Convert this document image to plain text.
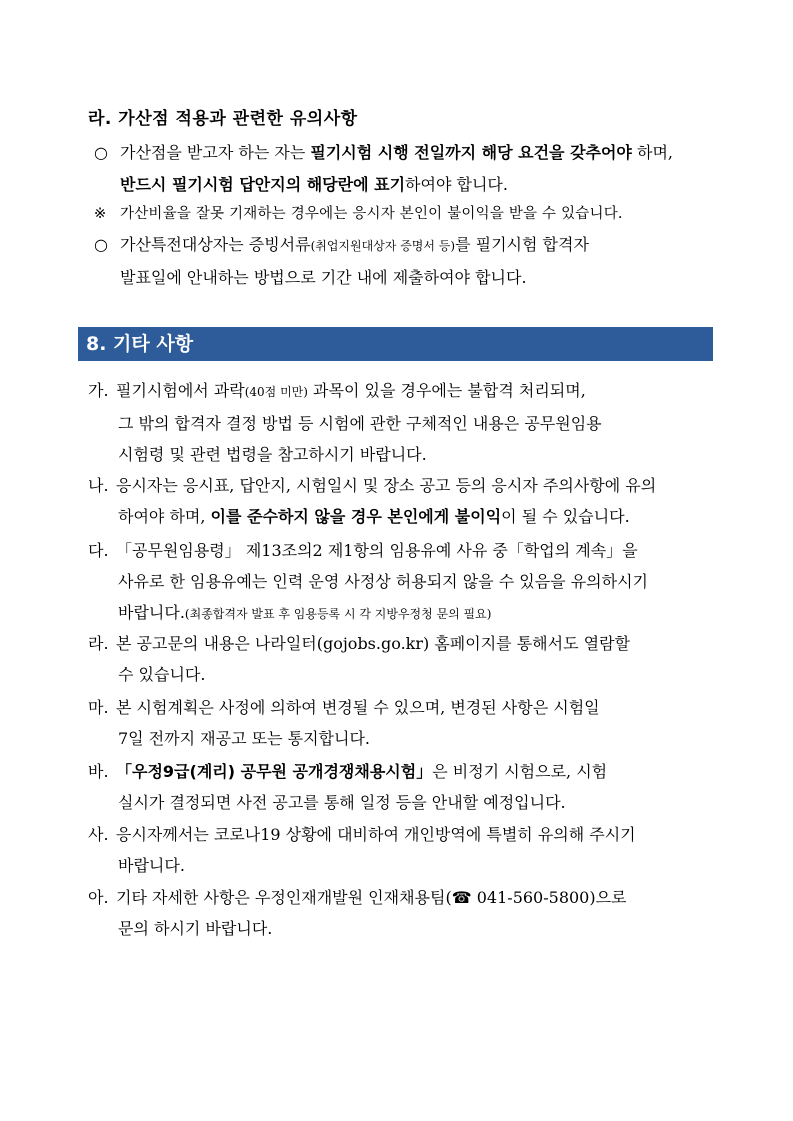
라. 가산점 적용과 관련한 유의사항
○ 가산점을 받고자 하는 자는 필기시험 시행 전일까지 해당 요건을 갖추어야 하며,
반드시 필기시험 답안지의 해당란에 표기하여야 합니다.
※ 가산비율을 잘못 기재하는 경우에는 응시자 본인이 불이익을 받을 수 있습니다.
○ 가산특전대상자는 증빙서류(취업지원대상자 증명서 등)를 필기시험 합격자
발표일에 안내하는 방법으로 기간 내에 제출하여야 합니다.
8. 기타 사항
가. 필기시험에서 과락(40점 미만) 과목이 있을 경우에는 불합격 처리되며,
그 밖의 합격자 결정 방법 등 시험에 관한 구체적인 내용은 공무원임용
시험령 및 관련 법령을 참고하시기 바랍니다.
나. 응시자는 응시표, 답안지, 시험일시 및 장소 공고 등의 응시자 주의사항에 유의
하여야 하며, 이를 준수하지 않을 경우 본인에게 불이익이 될 수 있습니다.
다. 「공무원임용령」 제13조의2 제1항의 임용유예 사유 중「학업의 계속」을
사유로 한 임용유예는 인력 운영 사정상 허용되지 않을 수 있음을 유의하시기
바랍니다.(최종합격자 발표 후 임용등록 시 각 지방우정청 문의 필요)
라. 본 공고문의 내용은 나라일터(gojobs.go.kr) 홈페이지를 통해서도 열람할
수 있습니다.
마. 본 시험계획은 사정에 의하여 변경될 수 있으며, 변경된 사항은 시험일
7일 전까지 재공고 또는 통지합니다.
바. 「우정9급(계리) 공무원 공개경쟁채용시험」은 비정기 시험으로, 시험
실시가 결정되면 사전 공고를 통해 일정 등을 안내할 예정입니다.
사. 응시자께서는 코로나19 상황에 대비하여 개인방역에 특별히 유의해 주시기
바랍니다.
아. 기타 자세한 사항은 우정인재개발원 인재채용팀(☎ 041-560-5800)으로
문의 하시기 바랍니다.
